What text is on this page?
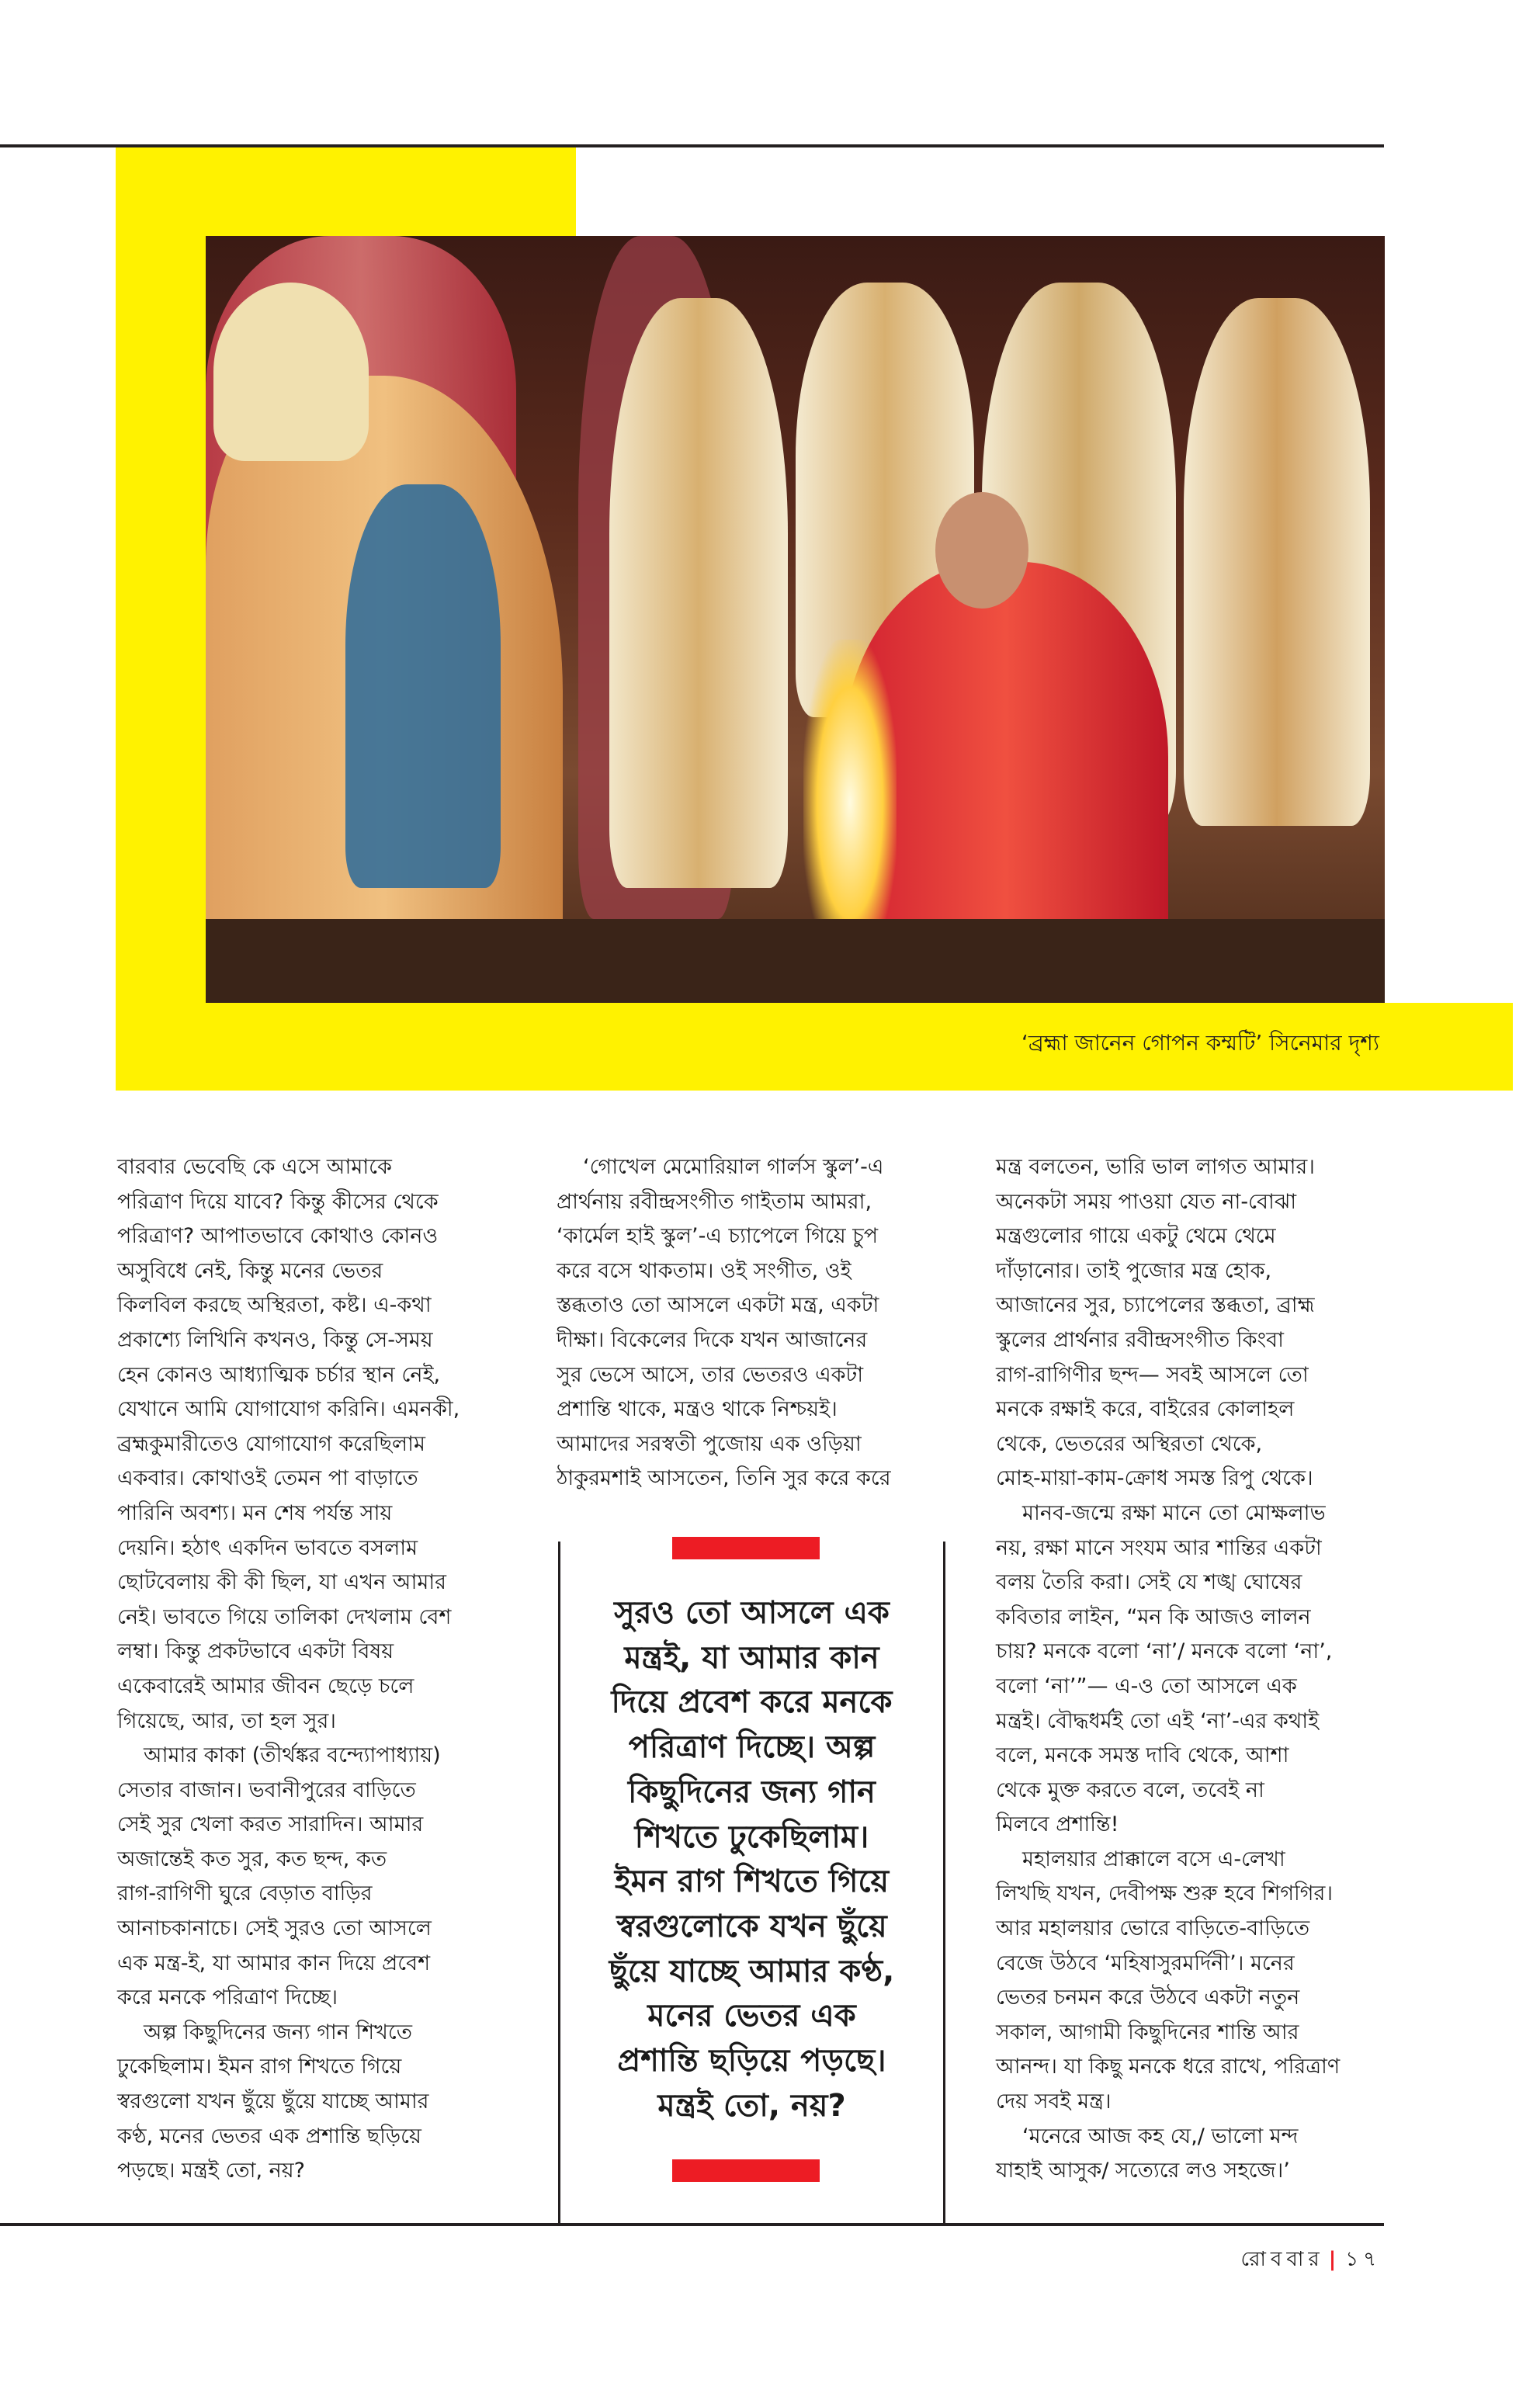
‘ব্রহ্মা জানেন গোপন কম্মটি’ সিনেমার দৃশ্য
বারবার ভেবেছি কে এসে আমাকে
পরিত্রাণ দিয়ে যাবে? কিন্তু কীসের থেকে
পরিত্রাণ? আপাতভাবে কোথাও কোনও
অসুবিধে নেই, কিন্তু মনের ভেতর
কিলবিল করছে অস্থিরতা, কষ্ট। এ-কথা
প্রকাশ্যে লিখিনি কখনও, কিন্তু সে-সময়
হেন কোনও আধ্যাত্মিক চর্চার স্থান নেই,
যেখানে আমি যোগাযোগ করিনি। এমনকী,
ব্রহ্মকুমারীতেও যোগাযোগ করেছিলাম
একবার। কোথাওই তেমন পা বাড়াতে
পারিনি অবশ্য। মন শেষ পর্যন্ত সায়
দেয়নি। হঠাৎ একদিন ভাবতে বসলাম
ছোটবেলায় কী কী ছিল, যা এখন আমার
নেই। ভাবতে গিয়ে তালিকা দেখলাম বেশ
লম্বা। কিন্তু প্রকটভাবে একটা বিষয়
একেবারেই আমার জীবন ছেড়ে চলে
গিয়েছে, আর, তা হল সুর।
আমার কাকা (তীর্থঙ্কর বন্দ্যোপাধ্যায়)
সেতার বাজান। ভবানীপুরের বাড়িতে
সেই সুর খেলা করত সারাদিন। আমার
অজান্তেই কত সুর, কত ছন্দ, কত
রাগ-রাগিণী ঘুরে বেড়াত বাড়ির
আনাচকানাচে। সেই সুরও তো আসলে
এক মন্ত্র-ই, যা আমার কান দিয়ে প্রবেশ
করে মনকে পরিত্রাণ দিচ্ছে।
অল্প কিছুদিনের জন্য গান শিখতে
ঢুকেছিলাম। ইমন রাগ শিখতে গিয়ে
স্বরগুলো যখন ছুঁয়ে ছুঁয়ে যাচ্ছে আমার
কণ্ঠ, মনের ভেতর এক প্রশান্তি ছড়িয়ে
পড়ছে। মন্ত্রই তো, নয়?
‘গোখেল মেমোরিয়াল গার্লস স্কুল’-এ
প্রার্থনায় রবীন্দ্রসংগীত গাইতাম আমরা,
‘কার্মেল হাই স্কুল’-এ চ্যাপেলে গিয়ে চুপ
করে বসে থাকতাম। ওই সংগীত, ওই
স্তব্ধতাও তো আসলে একটা মন্ত্র, একটা
দীক্ষা। বিকেলের দিকে যখন আজানের
সুর ভেসে আসে, তার ভেতরও একটা
প্রশান্তি থাকে, মন্ত্রও থাকে নিশ্চয়ই।
আমাদের সরস্বতী পুজোয় এক ওড়িয়া
ঠাকুরমশাই আসতেন, তিনি সুর করে করে
মন্ত্র বলতেন, ভারি ভাল লাগত আমার।
অনেকটা সময় পাওয়া যেত না-বোঝা
মন্ত্রগুলোর গায়ে একটু থেমে থেমে
দাঁড়ানোর। তাই পুজোর মন্ত্র হোক,
আজানের সুর, চ্যাপেলের স্তব্ধতা, ব্রাহ্ম
স্কুলের প্রার্থনার রবীন্দ্রসংগীত কিংবা
রাগ-রাগিণীর ছন্দ— সবই আসলে তো
মনকে রক্ষাই করে, বাইরের কোলাহল
থেকে, ভেতরের অস্থিরতা থেকে,
মোহ-মায়া-কাম-ক্রোধ সমস্ত রিপু থেকে।
মানব-জন্মে রক্ষা মানে তো মোক্ষলাভ
নয়, রক্ষা মানে সংযম আর শান্তির একটা
বলয় তৈরি করা। সেই যে শঙ্খ ঘোষের
কবিতার লাইন, “মন কি আজও লালন
চায়? মনকে বলো ‘না’/ মনকে বলো ‘না’,
বলো ‘না’”— এ-ও তো আসলে এক
মন্ত্রই। বৌদ্ধধর্মই তো এই ‘না’-এর কথাই
বলে, মনকে সমস্ত দাবি থেকে, আশা
থেকে মুক্ত করতে বলে, তবেই না
মিলবে প্রশান্তি!
মহালয়ার প্রাক্কালে বসে এ-লেখা
লিখছি যখন, দেবীপক্ষ শুরু হবে শিগগির।
আর মহালয়ার ভোরে বাড়িতে-বাড়িতে
বেজে উঠবে ‘মহিষাসুরমর্দিনী’। মনের
ভেতর চনমন করে উঠবে একটা নতুন
সকাল, আগামী কিছুদিনের শান্তি আর
আনন্দ। যা কিছু মনকে ধরে রাখে, পরিত্রাণ
দেয় সবই মন্ত্র।
‘মনেরে আজ কহ যে,/ ভালো মন্দ
যাহাই আসুক/ সত্যেরে লও সহজে।’
সুরও তো আসলে এক
মন্ত্রই, যা আমার কান
দিয়ে প্রবেশ করে মনকে
পরিত্রাণ দিচ্ছে। অল্প
কিছুদিনের জন্য গান
শিখতে ঢুকেছিলাম।
ইমন রাগ শিখতে গিয়ে
স্বরগুলোকে যখন ছুঁয়ে
ছুঁয়ে যাচ্ছে আমার কণ্ঠ,
মনের ভেতর এক
প্রশান্তি ছড়িয়ে পড়ছে।
মন্ত্রই তো, নয়?
রোববার | ১৭
